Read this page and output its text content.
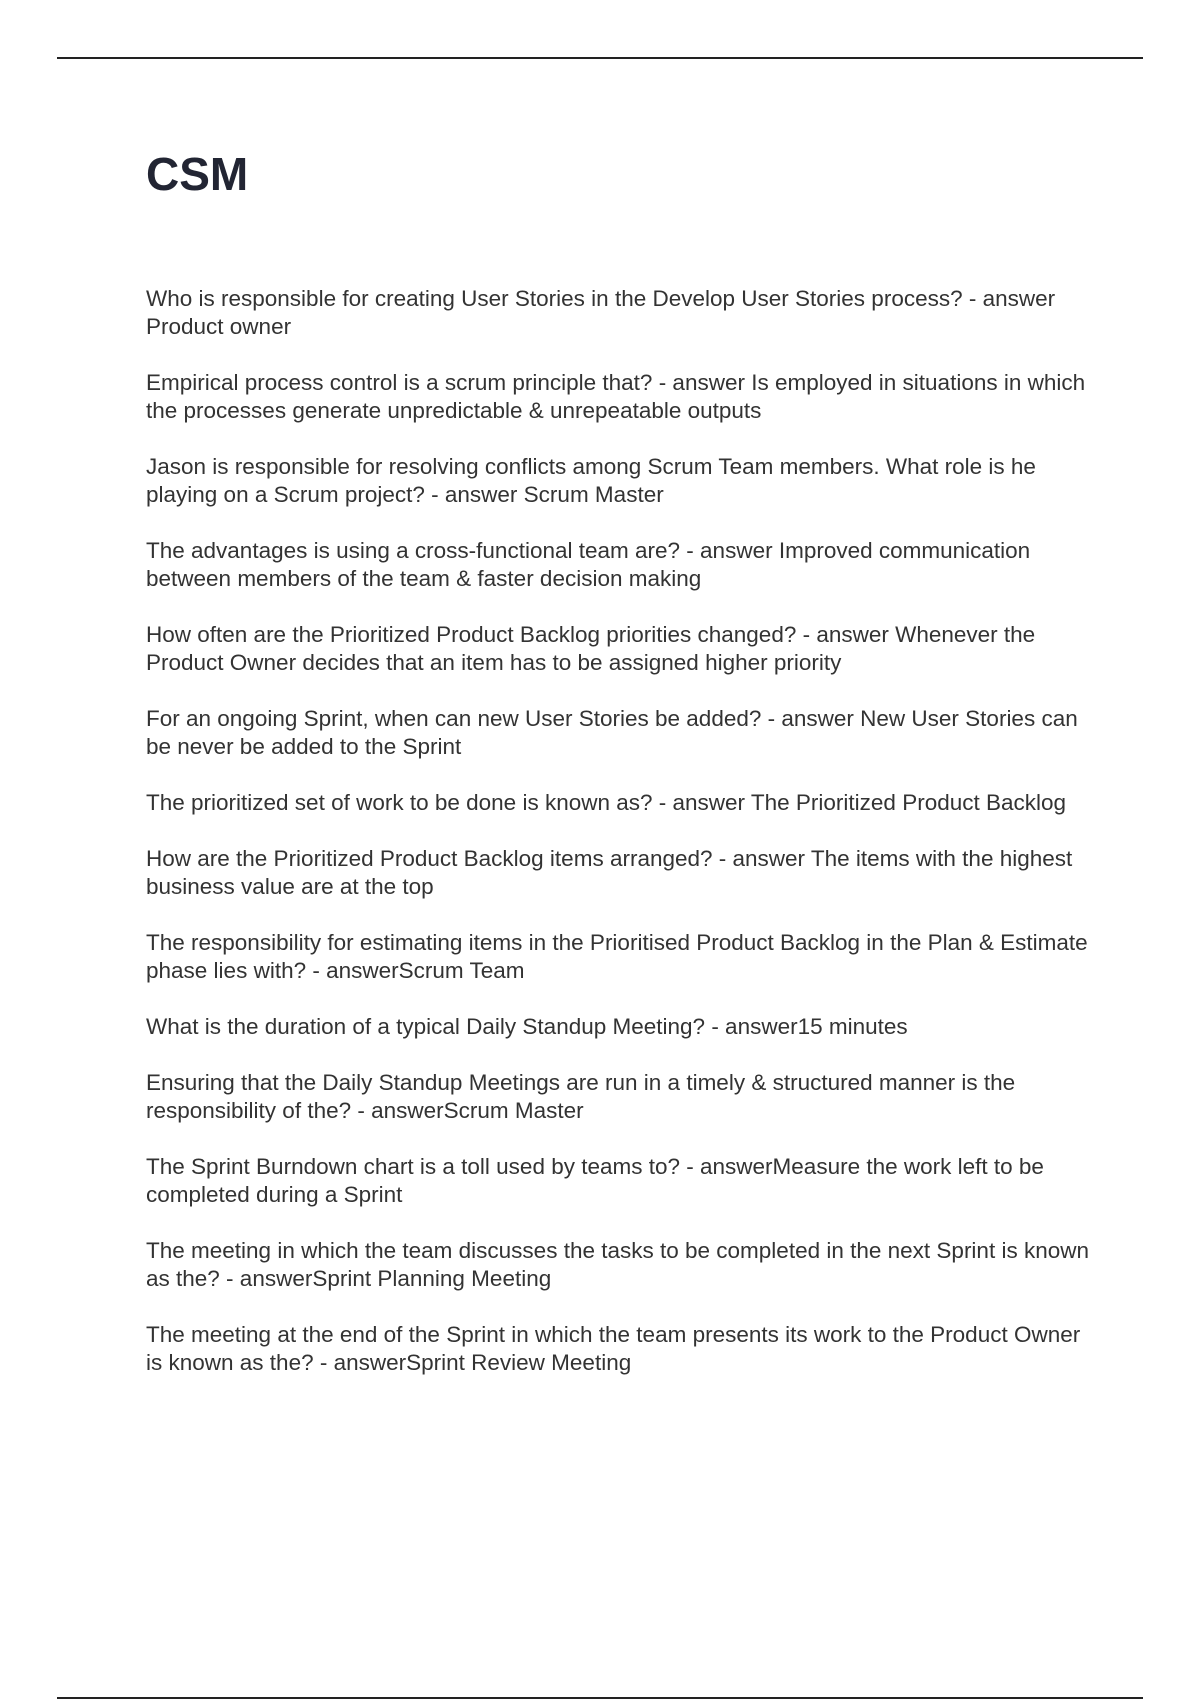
CSM
Who is responsible for creating User Stories in the Develop User Stories process? - answer Product owner
Empirical process control is a scrum principle that? - answer Is employed in situations in which the processes generate unpredictable & unrepeatable outputs
Jason is responsible for resolving conflicts among Scrum Team members. What role is he playing on a Scrum project? - answer Scrum Master
The advantages is using a cross-functional team are? - answer Improved communication between members of the team & faster decision making
How often are the Prioritized Product Backlog priorities changed? - answer Whenever the Product Owner decides that an item has to be assigned higher priority
For an ongoing Sprint, when can new User Stories be added? - answer New User Stories can be never be added to the Sprint
The prioritized set of work to be done is known as? - answer The Prioritized Product Backlog
How are the Prioritized Product Backlog items arranged? - answer The items with the highest business value are at the top
The responsibility for estimating items in the Prioritised Product Backlog in the Plan & Estimate phase lies with? - answerScrum Team
What is the duration of a typical Daily Standup Meeting? - answer15 minutes
Ensuring that the Daily Standup Meetings are run in a timely & structured manner is the responsibility of the? - answerScrum Master
The Sprint Burndown chart is a toll used by teams to? - answerMeasure the work left to be completed during a Sprint
The meeting in which the team discusses the tasks to be completed in the next Sprint is known as the? - answerSprint Planning Meeting
The meeting at the end of the Sprint in which the team presents its work to the Product Owner is known as the? - answerSprint Review Meeting
